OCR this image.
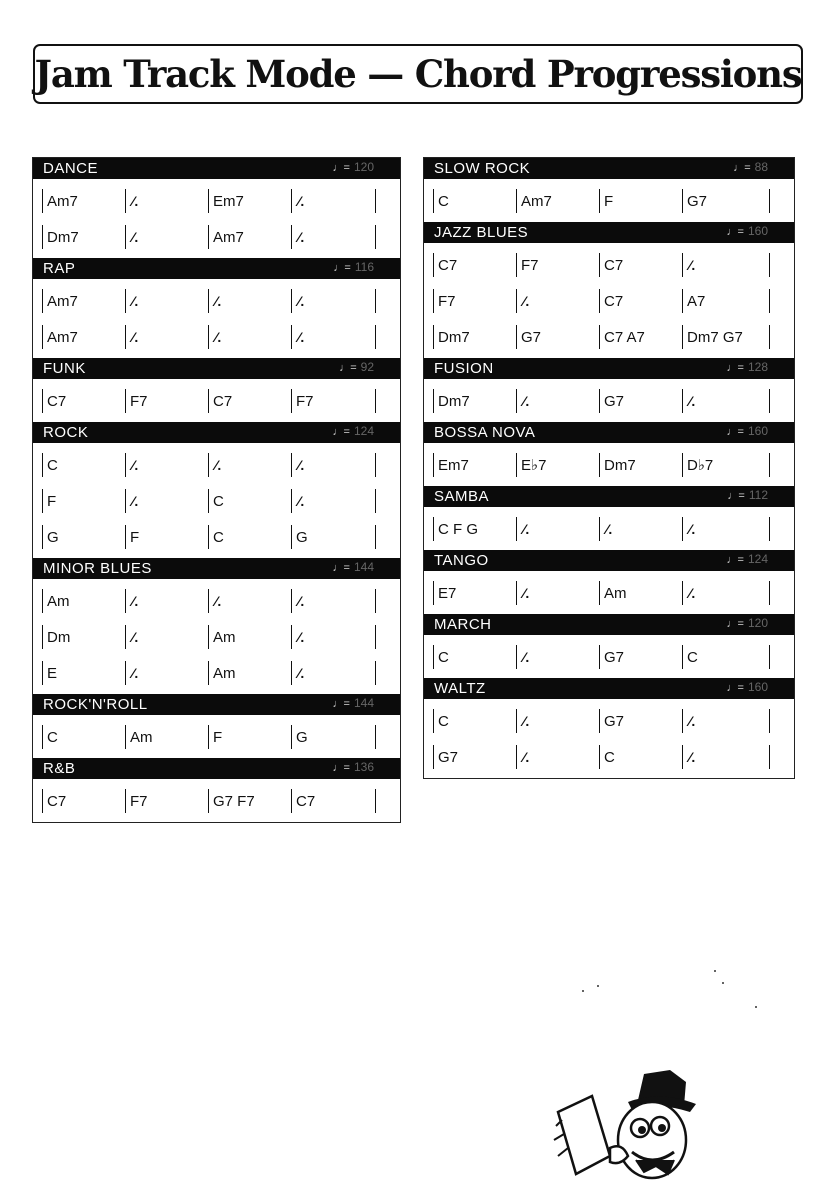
Jam Track Mode — Chord Progressions
DANCE	♩= 120
Am7	⁄.	Em7	⁄.
Dm7	⁄.	Am7	⁄.
RAP	♩= 116
Am7	⁄.	⁄.	⁄.
Am7	⁄.	⁄.	⁄.
FUNK	♩= 92
C7	F7	C7	F7
ROCK	♩= 124
C	⁄.	⁄.	⁄.
F	⁄.	C	⁄.
G	F	C	G
MINOR BLUES	♩= 144
Am	⁄.	⁄.	⁄.
Dm	⁄.	Am	⁄.
E	⁄.	Am	⁄.
ROCK'N'ROLL	♩= 144
C	Am	F	G
R&B	♩= 136
C7	F7	G7 F7	C7
SLOW ROCK	♩= 88
C	Am7	F	G7
JAZZ BLUES	♩= 160
C7	F7	C7	⁄.
F7	⁄.	C7	A7
Dm7	G7	C7 A7	Dm7 G7
FUSION	♩= 128
Dm7	⁄.	G7	⁄.
BOSSA NOVA	♩= 160
Em7	E♭7	Dm7	D♭7
SAMBA	♩= 112
C F G	⁄.	⁄.	⁄.
TANGO	♩= 124
E7	⁄.	Am	⁄.
MARCH	♩= 120
C	⁄.	G7	C
WALTZ	♩= 160
C	⁄.	G7	⁄.
G7	⁄.	C	⁄.
